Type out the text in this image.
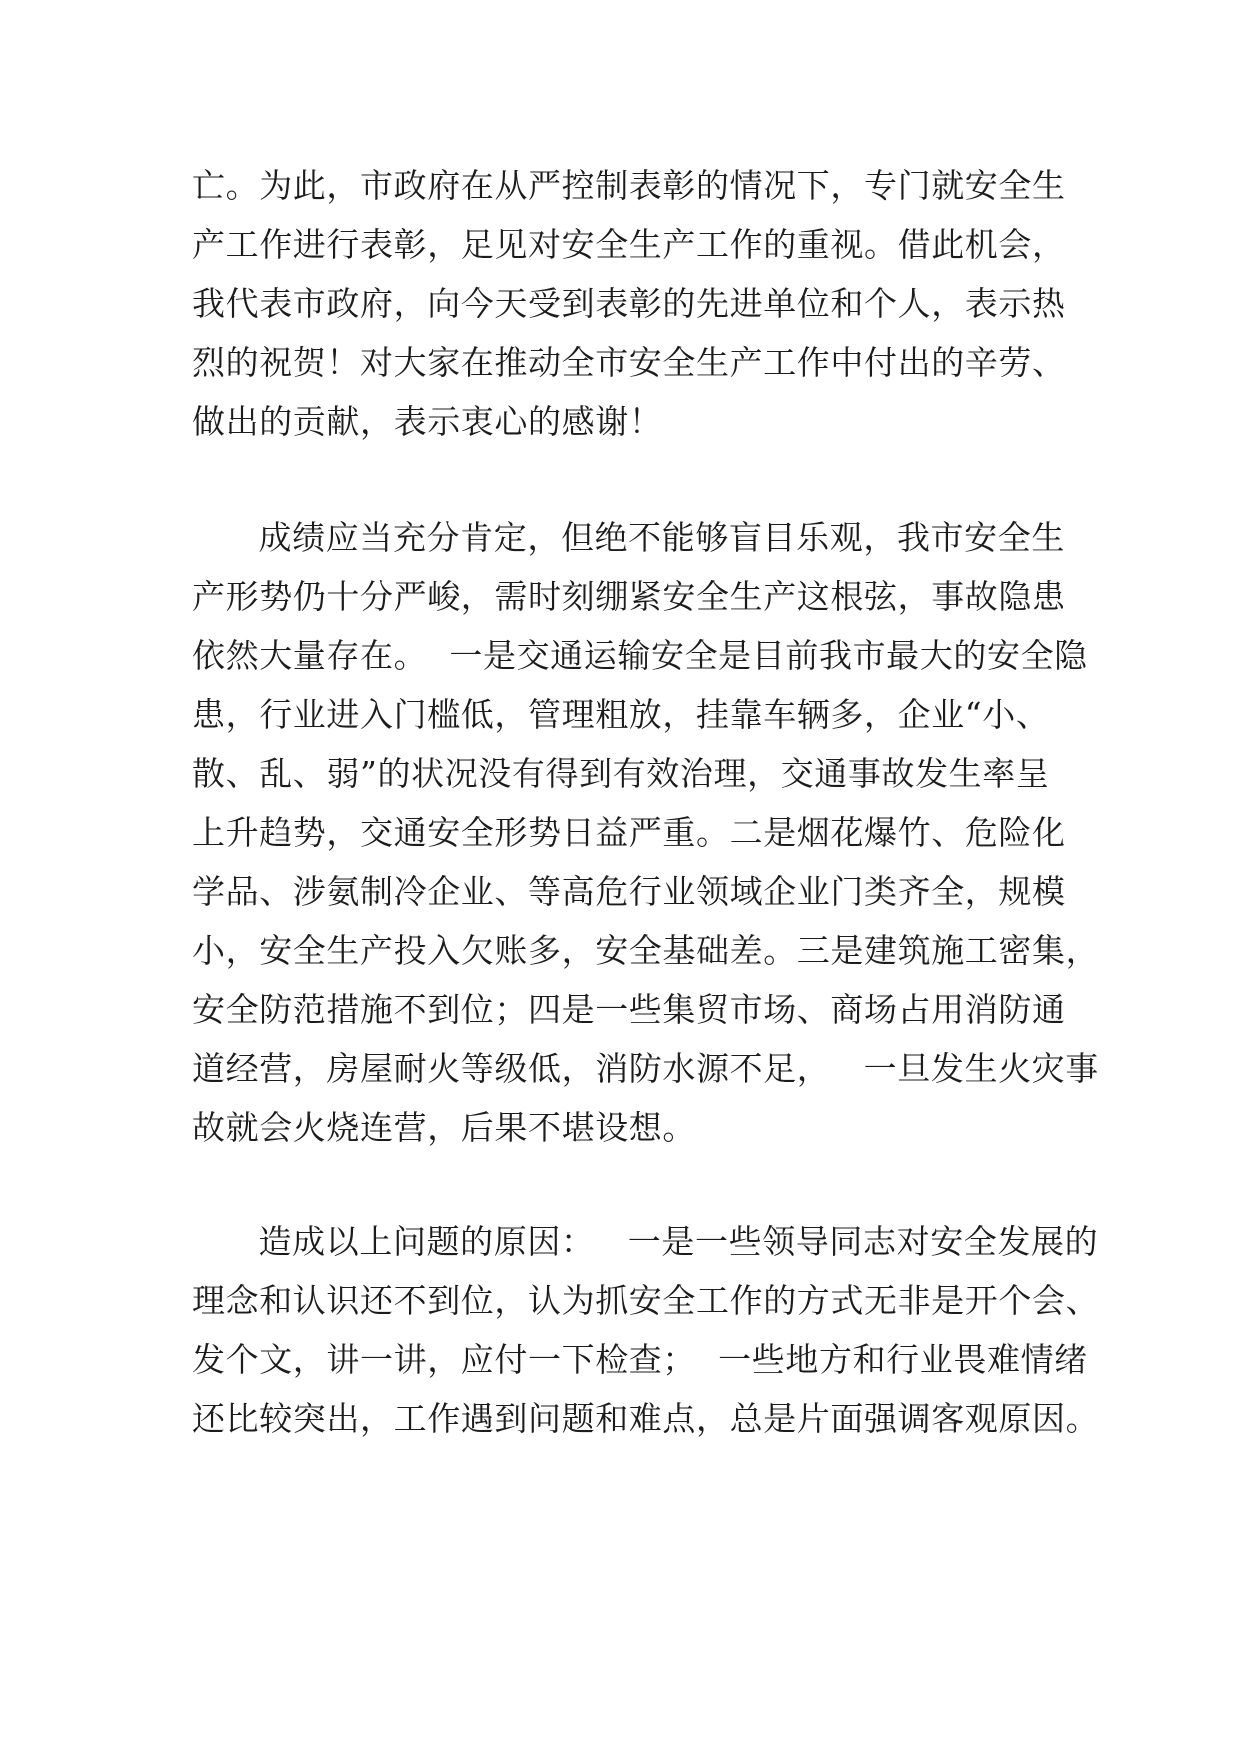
亡。为此，市政府在从严控制表彰的情况下，专门就安全生
产工作进行表彰，足见对安全生产工作的重视。借此机会，
我代表市政府，向今天受到表彰的先进单位和个人，表示热
烈的祝贺！对大家在推动全市安全生产工作中付出的辛劳、
做出的贡献，表示衷心的感谢！
成绩应当充分肯定，但绝不能够盲目乐观，我市安全生
产形势仍十分严峻，需时刻绷紧安全生产这根弦，事故隐患
依然大量存在。  一是交通运输安全是目前我市最大的安全隐
患，行业进入门槛低，管理粗放，挂靠车辆多，企业“小、
散、乱、弱”的状况没有得到有效治理，交通事故发生率呈
上升趋势，交通安全形势日益严重。二是烟花爆竹、危险化
学品、涉氨制冷企业、等高危行业领域企业门类齐全，规模
小，安全生产投入欠账多，安全基础差。三是建筑施工密集，
安全防范措施不到位；四是一些集贸市场、商场占用消防通
道经营，房屋耐火等级低，消防水源不足，   一旦发生火灾事
故就会火烧连营，后果不堪设想。
造成以上问题的原因：   一是一些领导同志对安全发展的
理念和认识还不到位，认为抓安全工作的方式无非是开个会、
发个文，讲一讲，应付一下检查；  一些地方和行业畏难情绪
还比较突出，工作遇到问题和难点，总是片面强调客观原因。
